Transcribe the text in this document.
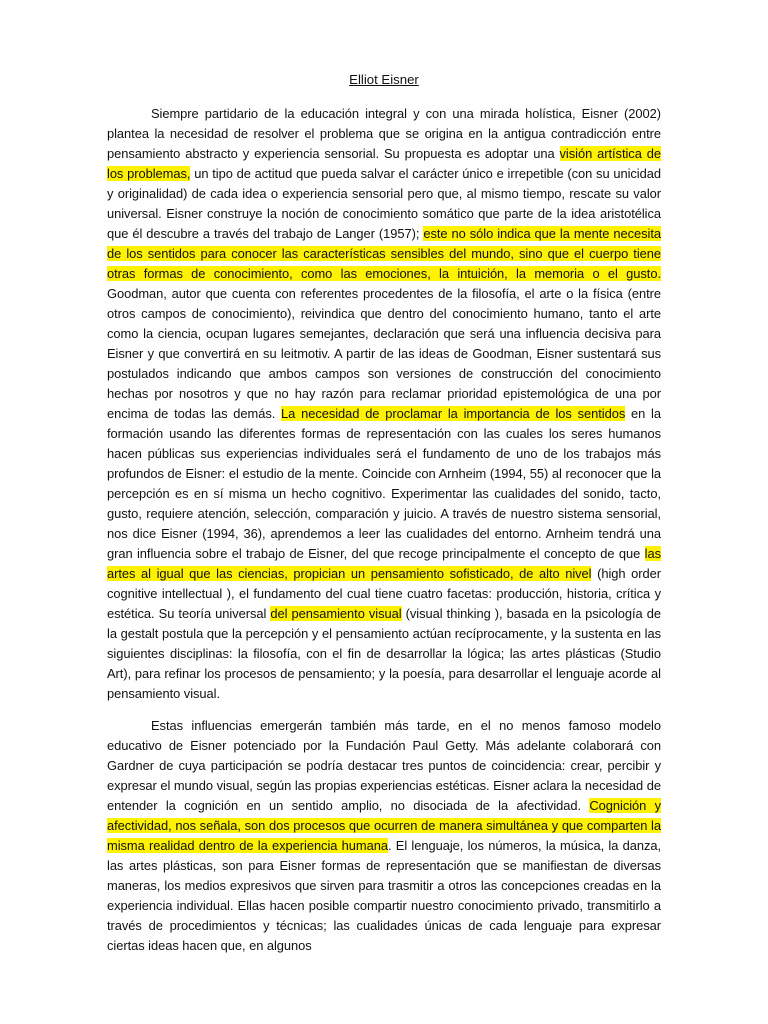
Elliot Eisner

Siempre partidario de la educación integral y con una mirada holística, Eisner (2002) plantea la necesidad de resolver el problema que se origina en la antigua contradicción entre pensamiento abstracto y experiencia sensorial. Su propuesta es adoptar una visión artística de los problemas, un tipo de actitud que pueda salvar el carácter único e irrepetible (con su unicidad y originalidad) de cada idea o experiencia sensorial pero que, al mismo tiempo, rescate su valor universal. Eisner construye la noción de conocimiento somático que parte de la idea aristotélica que él descubre a través del trabajo de Langer (1957); este no sólo indica que la mente necesita de los sentidos para conocer las características sensibles del mundo, sino que el cuerpo tiene otras formas de conocimiento, como las emociones, la intuición, la memoria o el gusto. Goodman, autor que cuenta con referentes procedentes de la filosofía, el arte o la física (entre otros campos de conocimiento), reivindica que dentro del conocimiento humano, tanto el arte como la ciencia, ocupan lugares semejantes, declaración que será una influencia decisiva para Eisner y que convertirá en su leitmotiv. A partir de las ideas de Goodman, Eisner sustentará sus postulados indicando que ambos campos son versiones de construcción del conocimiento hechas por nosotros y que no hay razón para reclamar prioridad epistemológica de una por encima de todas las demás. La necesidad de proclamar la importancia de los sentidos en la formación usando las diferentes formas de representación con las cuales los seres humanos hacen públicas sus experiencias individuales será el fundamento de uno de los trabajos más profundos de Eisner: el estudio de la mente. Coincide con Arnheim (1994, 55) al reconocer que la percepción es en sí misma un hecho cognitivo. Experimentar las cualidades del sonido, tacto, gusto, requiere atención, selección, comparación y juicio. A través de nuestro sistema sensorial, nos dice Eisner (1994, 36), aprendemos a leer las cualidades del entorno. Arnheim tendrá una gran influencia sobre el trabajo de Eisner, del que recoge principalmente el concepto de que las artes al igual que las ciencias, propician un pensamiento sofisticado, de alto nivel (high order cognitive intellectual ), el fundamento del cual tiene cuatro facetas: producción, historia, crítica y estética. Su teoría universal del pensamiento visual (visual thinking ), basada en la psicología de la gestalt postula que la percepción y el pensamiento actúan recíprocamente, y la sustenta en las siguientes disciplinas: la filosofía, con el fin de desarrollar la lógica; las artes plásticas (Studio Art), para refinar los procesos de pensamiento; y la poesía, para desarrollar el lenguaje acorde al pensamiento visual.

Estas influencias emergerán también más tarde, en el no menos famoso modelo educativo de Eisner potenciado por la Fundación Paul Getty. Más adelante colaborará con Gardner de cuya participación se podría destacar tres puntos de coincidencia: crear, percibir y expresar el mundo visual, según las propias experiencias estéticas. Eisner aclara la necesidad de entender la cognición en un sentido amplio, no disociada de la afectividad. Cognición y afectividad, nos señala, son dos procesos que ocurren de manera simultánea y que comparten la misma realidad dentro de la experiencia humana. El lenguaje, los números, la música, la danza, las artes plásticas, son para Eisner formas de representación que se manifiestan de diversas maneras, los medios expresivos que sirven para trasmitir a otros las concepciones creadas en la experiencia individual. Ellas hacen posible compartir nuestro conocimiento privado, transmitirlo a través de procedimientos y técnicas; las cualidades únicas de cada lenguaje para expresar ciertas ideas hacen que, en algunos
